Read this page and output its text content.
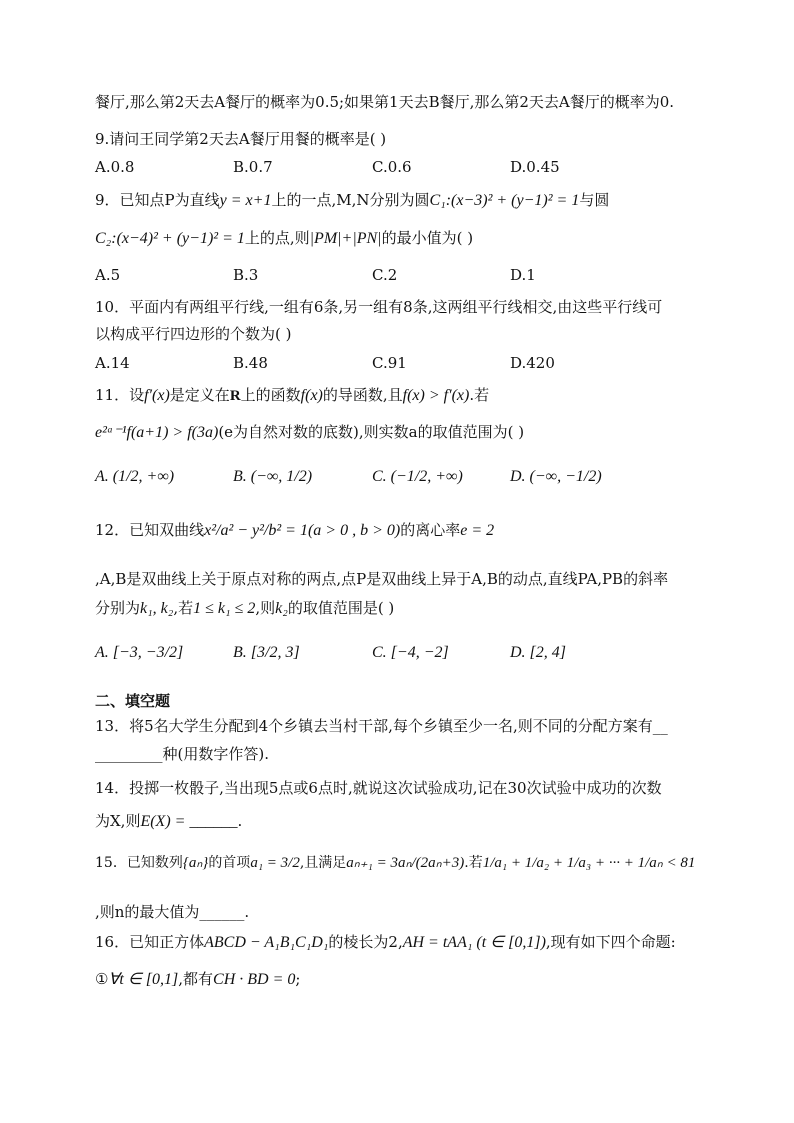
餐厅,那么第2天去A餐厅的概率为0.5;如果第1天去B餐厅,那么第2天去A餐厅的概率为0.
9.请问王同学第2天去A餐厅用餐的概率是( )
A.0.8	B.0.7	C.0.6	D.0.45
9．已知点P为直线y = x+1上的一点,M,N分别为圆C₁:(x−3)² + (y−1)² = 1与圆
C₂:(x−4)² + (y−1)² = 1上的点,则|PM|+|PN|的最小值为( )
A.5	B.3	C.2	D.1
10．平面内有两组平行线,一组有6条,另一组有8条,这两组平行线相交,由这些平行线可
以构成平行四边形的个数为( )
A.14	B.48	C.91	D.420
11．设f′(x)是定义在R上的函数f(x)的导函数,且f(x) > f′(x).若
e²ᵃ⁻¹f(a+1) > f(3a)(e为自然对数的底数),则实数a的取值范围为( )
A. (1/2, +∞)	B. (−∞, 1/2)	C. (−1/2, +∞)	D. (−∞, −1/2)
12．已知双曲线x²/a² − y²/b² = 1(a > 0 , b > 0)的离心率e = 2
,A,B是双曲线上关于原点对称的两点,点P是双曲线上异于A,B的动点,直线PA,PB的斜率
分别为k₁, k₂,若1 ≤ k₁ ≤ 2,则k₂的取值范围是( )
A. [−3, −3/2]	B. [3/2, 3]	C. [−4, −2]	D. [2, 4]
二、填空题
13．将5名大学生分配到4个乡镇去当村干部,每个乡镇至少一名,则不同的分配方案有__
_________种(用数字作答).
14．投掷一枚骰子,当出现5点或6点时,就说这次试验成功,记在30次试验中成功的次数
为X,则E(X) = ______.
15．已知数列{aₙ}的首项a₁ = 3/2,且满足aₙ₊₁ = 3aₙ/(2aₙ+3).若1/a₁ + 1/a₂ + 1/a₃ + ··· + 1/aₙ < 81
,则n的最大值为______.
16．已知正方体ABCD − A₁B₁C₁D₁的棱长为2,AH = tAA₁ (t ∈ [0,1]),现有如下四个命题:
①∀t ∈ [0,1],都有CH · BD = 0;
